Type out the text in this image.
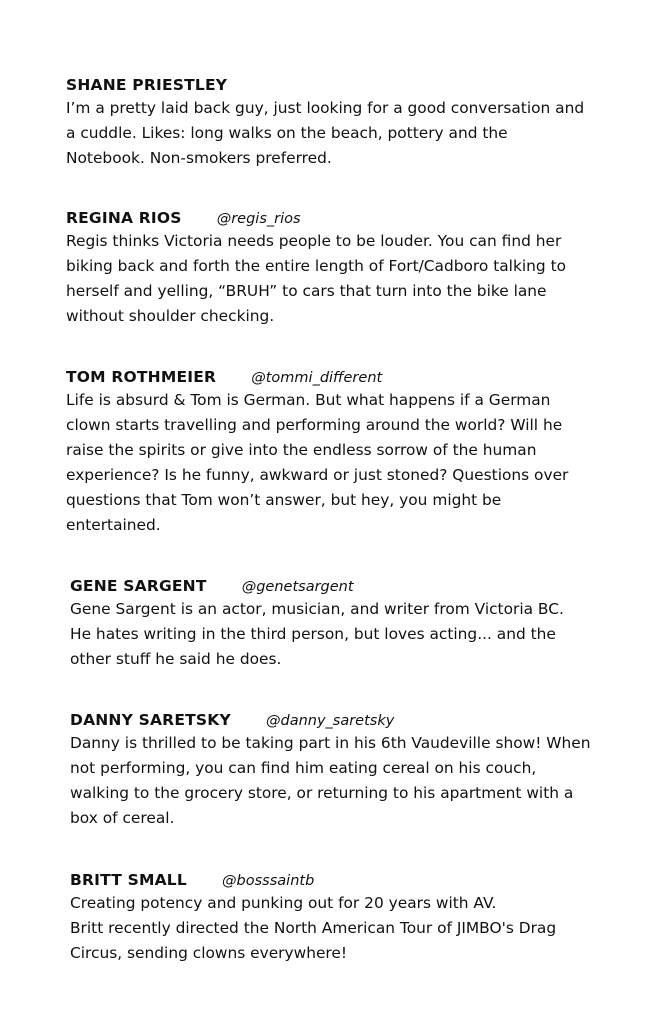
SHANE PRIESTLEY
I’m a pretty laid back guy, just looking for a good conversation and
a cuddle. Likes: long walks on the beach, pottery and the
Notebook. Non-smokers preferred.
REGINA RIOS @regis_rios
Regis thinks Victoria needs people to be louder. You can find her
biking back and forth the entire length of Fort/Cadboro talking to
herself and yelling, “BRUH” to cars that turn into the bike lane
without shoulder checking.
TOM ROTHMEIER @tommi_different
Life is absurd & Tom is German. But what happens if a German
clown starts travelling and performing around the world? Will he
raise the spirits or give into the endless sorrow of the human
experience? Is he funny, awkward or just stoned? Questions over
questions that Tom won’t answer, but hey, you might be
entertained.
GENE SARGENT @genetsargent
Gene Sargent is an actor, musician, and writer from Victoria BC.
He hates writing in the third person, but loves acting... and the
other stuff he said he does.
DANNY SARETSKY @danny_saretsky
Danny is thrilled to be taking part in his 6th Vaudeville show! When
not performing, you can find him eating cereal on his couch,
walking to the grocery store, or returning to his apartment with a
box of cereal.
BRITT SMALL @bosssaintb
Creating potency and punking out for 20 years with AV.
Britt recently directed the North American Tour of JIMBO's Drag
Circus, sending clowns everywhere!
